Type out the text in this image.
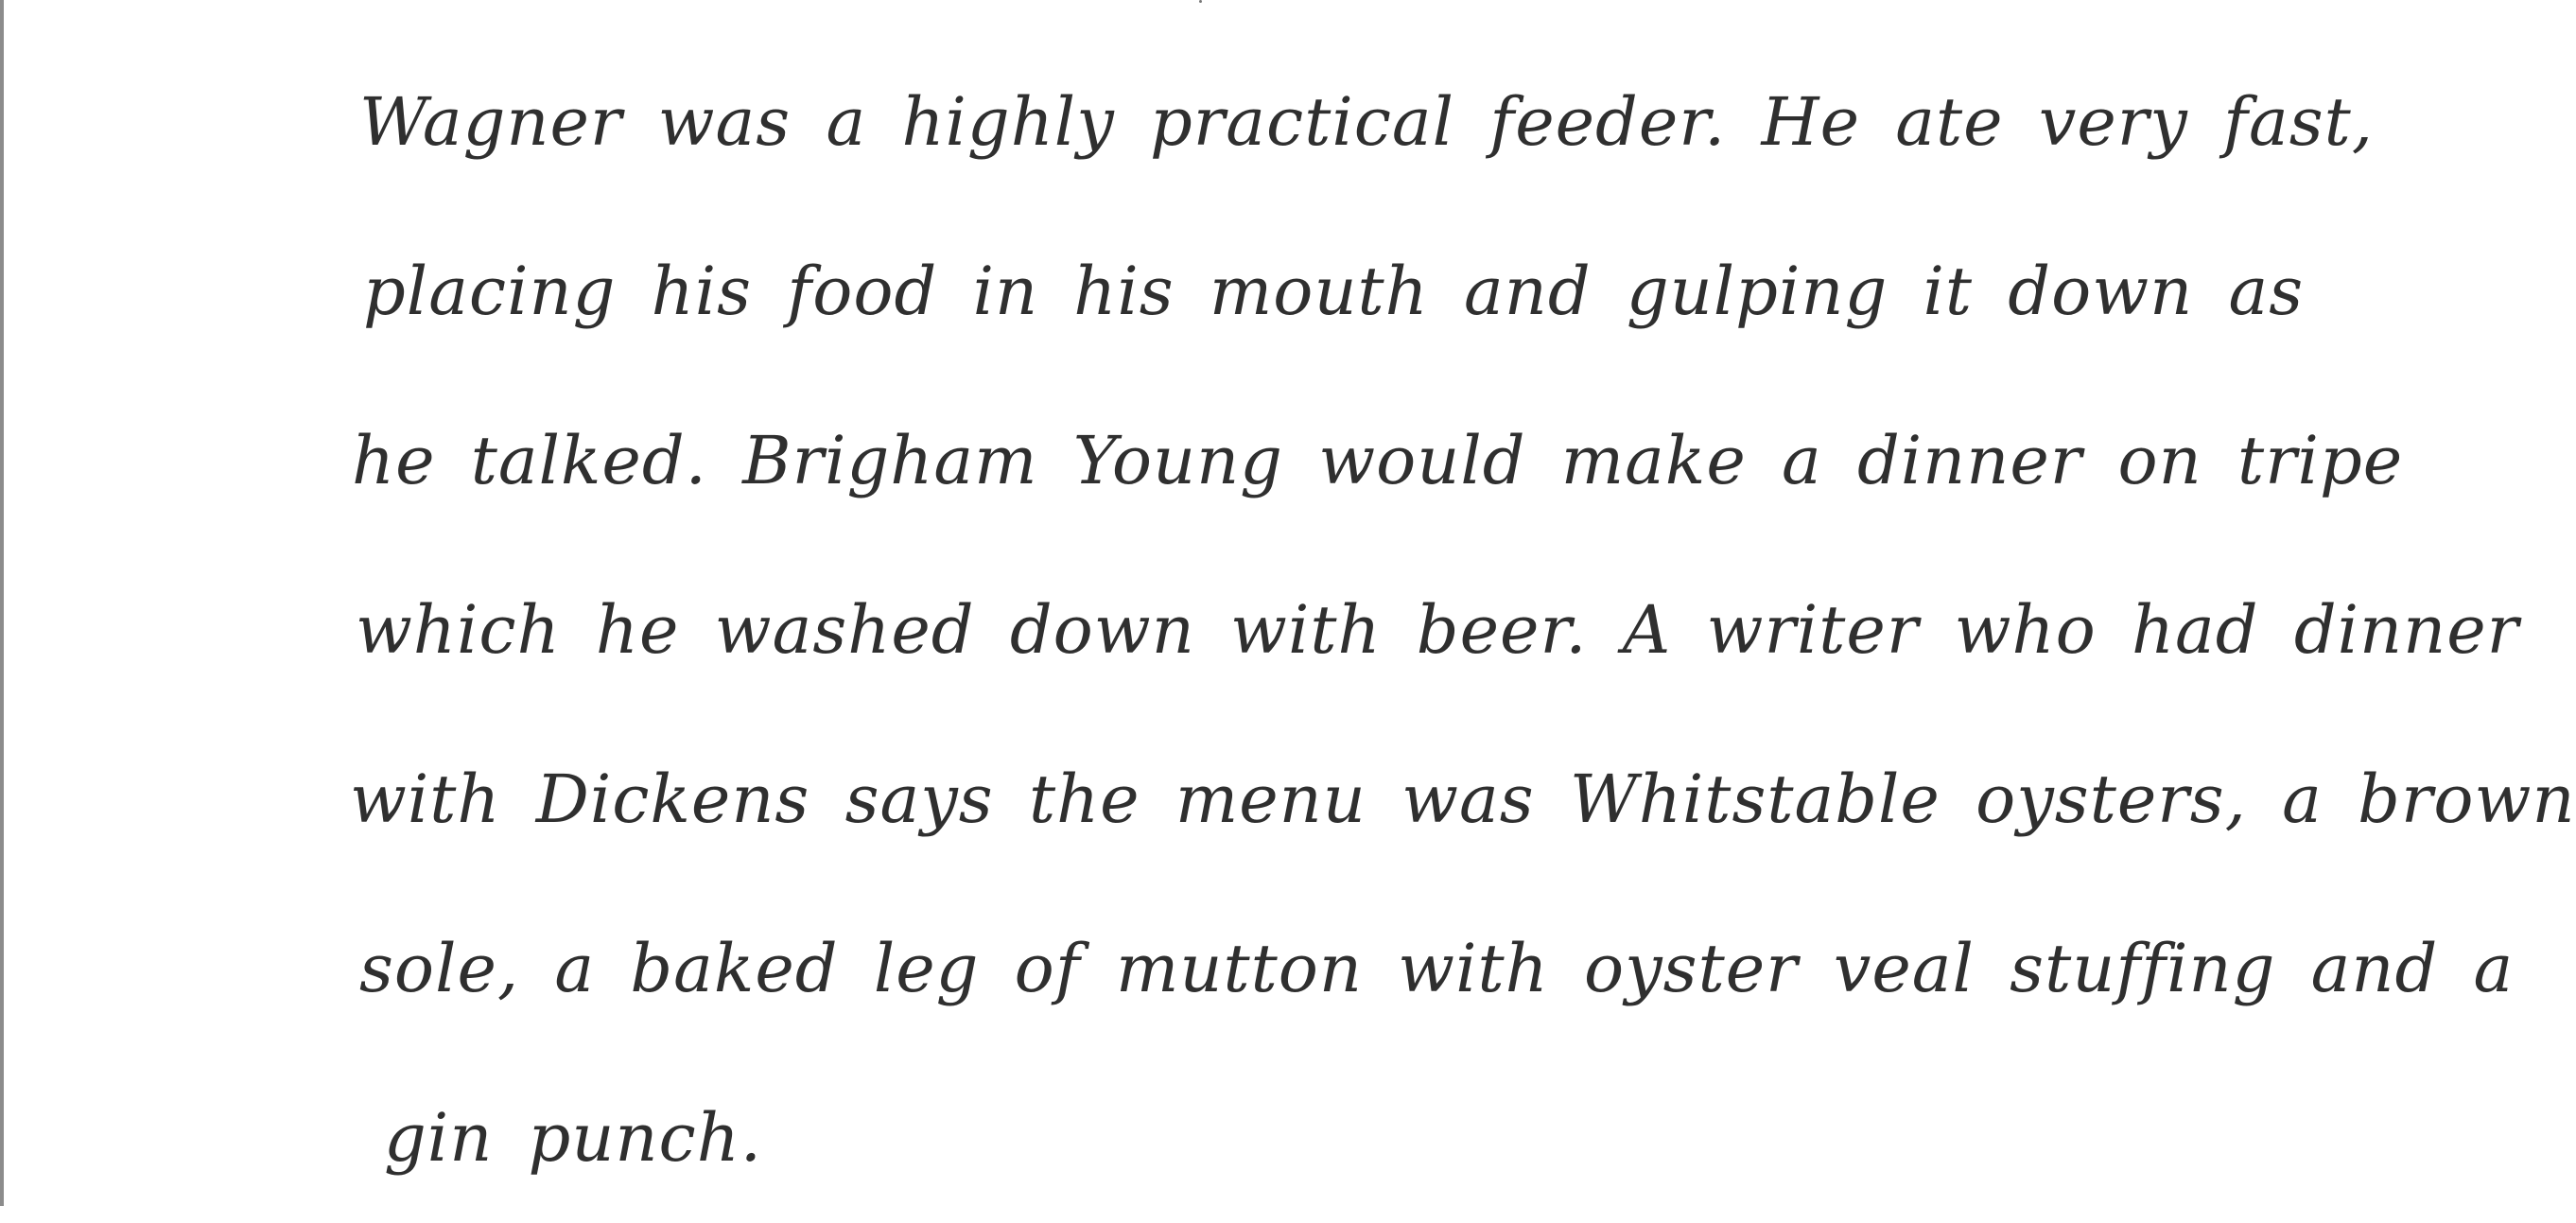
Wagner was a highly practical feeder. He ate very fast,
placing his food in his mouth and gulping it down as
he talked. Brigham Young would make a dinner on tripe
which he washed down with beer. A writer who had dinner
with Dickens says the menu was Whitstable oysters, a brown
sole, a baked leg of mutton with oyster veal stuffing and a
gin punch.
